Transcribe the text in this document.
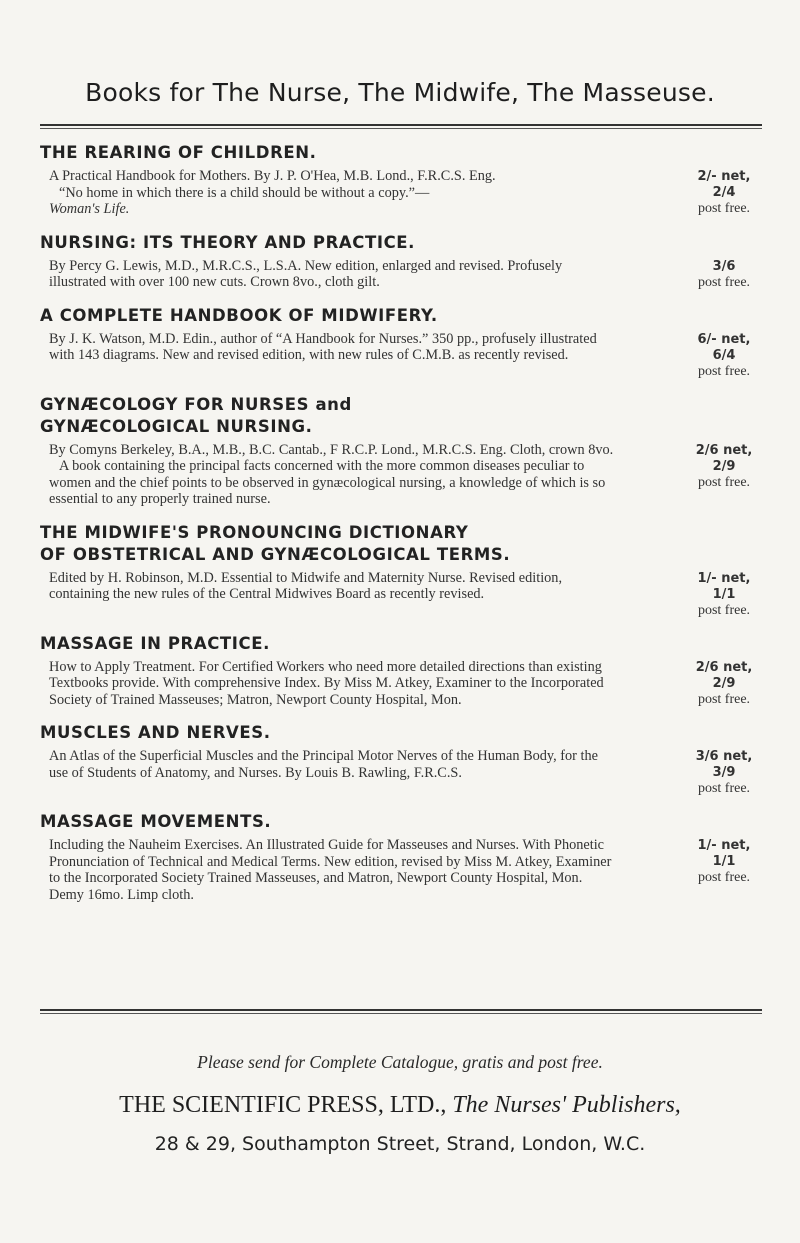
Books for The Nurse, The Midwife, The Masseuse.
THE REARING OF CHILDREN.

A Practical Handbook for Mothers. By J. P. O'Hea, M.B. Lond., F.R.C.S. Eng.

“No home in which there is a child should be without a copy.”—

Woman's Life.

2/- net,
2/4
post free.
NURSING: ITS THEORY AND PRACTICE.

By Percy G. Lewis, M.D., M.R.C.S., L.S.A. New edition, enlarged and revised. Profusely illustrated with over 100 new cuts. Crown 8vo., cloth gilt.

3/6
post free.
A COMPLETE HANDBOOK OF MIDWIFERY.

By J. K. Watson, M.D. Edin., author of “A Handbook for Nurses.” 350 pp., profusely illustrated with 143 diagrams. New and revised edition, with new rules of C.M.B. as recently revised.

6/- net,
6/4
post free.
GYNÆCOLOGY FOR NURSES and
GYNÆCOLOGICAL NURSING.

By Comyns Berkeley, B.A., M.B., B.C. Cantab., F R.C.P. Lond., M.R.C.S. Eng. Cloth, crown 8vo.

A book containing the principal facts concerned with the more common diseases peculiar to women and the chief points to be observed in gynæcological nursing, a knowledge of which is so essential to any properly trained nurse.

2/6 net,
2/9
post free.
THE MIDWIFE'S PRONOUNCING DICTIONARY
OF OBSTETRICAL AND GYNÆCOLOGICAL TERMS.

Edited by H. Robinson, M.D. Essential to Midwife and Maternity Nurse. Revised edition, containing the new rules of the Central Midwives Board as recently revised.

1/- net,
1/1
post free.
MASSAGE IN PRACTICE.

How to Apply Treatment. For Certified Workers who need more detailed directions than existing Textbooks provide. With comprehensive Index. By Miss M. Atkey, Examiner to the Incorporated Society of Trained Masseuses; Matron, Newport County Hospital, Mon.

2/6 net,
2/9
post free.
MUSCLES AND NERVES.

An Atlas of the Superficial Muscles and the Principal Motor Nerves of the Human Body, for the use of Students of Anatomy, and Nurses. By Louis B. Rawling, F.R.C.S.

3/6 net,
3/9
post free.
MASSAGE MOVEMENTS.

Including the Nauheim Exercises. An Illustrated Guide for Masseuses and Nurses. With Phonetic Pronunciation of Technical and Medical Terms. New edition, revised by Miss M. Atkey, Examiner to the Incorporated Society Trained Masseuses, and Matron, Newport County Hospital, Mon. Demy 16mo. Limp cloth.

1/- net,
1/1
post free.
Please send for Complete Catalogue, gratis and post free.
THE SCIENTIFIC PRESS, LTD., The Nurses' Publishers,
28 & 29, Southampton Street, Strand, London, W.C.
